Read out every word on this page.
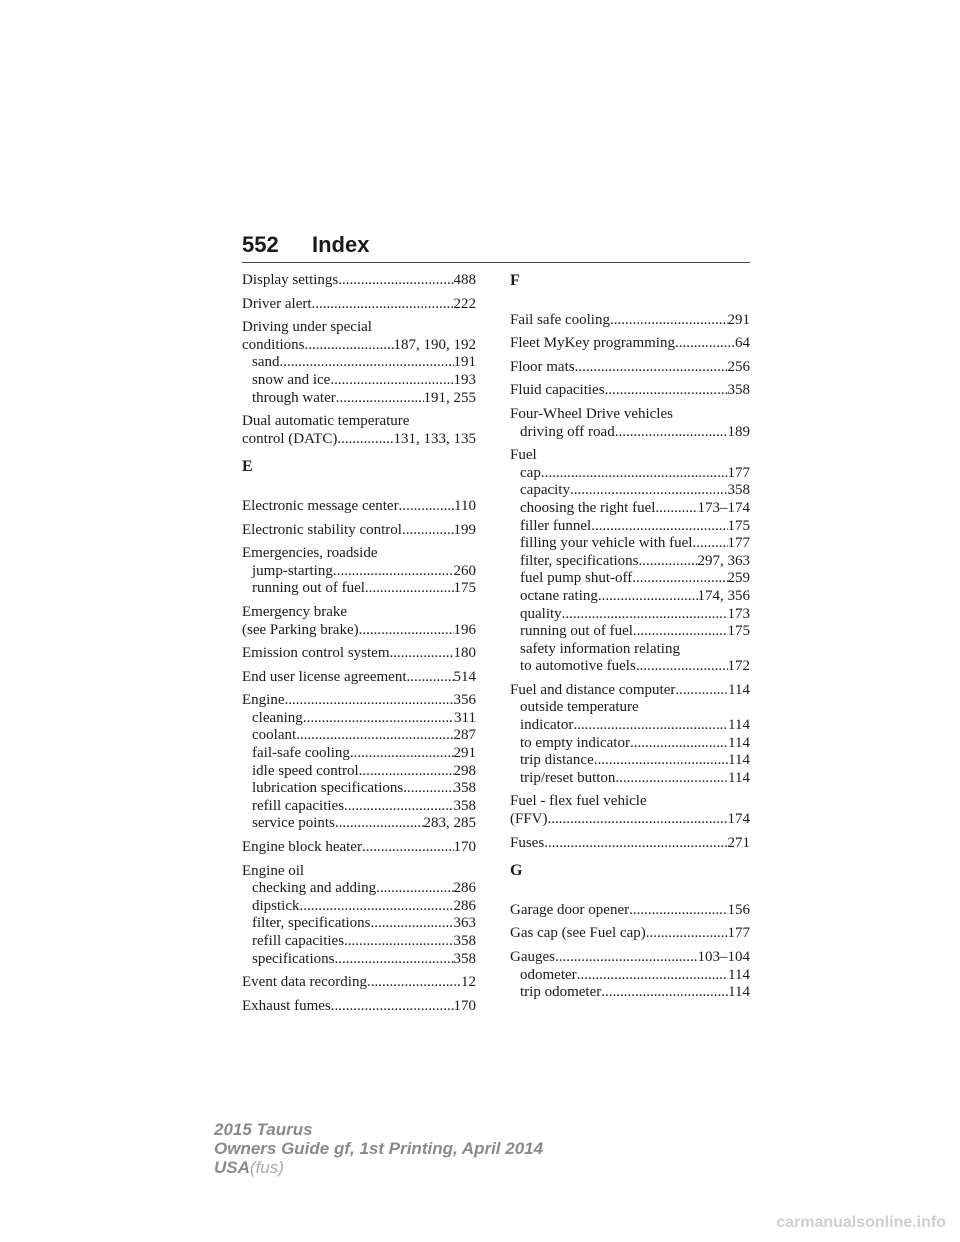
552 Index
Display settings .....	488
Driver alert .....	222
Driving under special
conditions .....	187, 190, 192
sand .....	191
snow and ice .....	193
through water .....	191, 255
Dual automatic temperature
control (DATC) .....	131, 133, 135
E
Electronic message center .....	110
Electronic stability control .....	199
Emergencies, roadside
jump-starting .....	260
running out of fuel .....	175
Emergency brake
(see Parking brake) .....	196
Emission control system .....	180
End user license agreement .....	514
Engine .....	356
cleaning .....	311
coolant .....	287
fail-safe cooling .....	291
idle speed control .....	298
lubrication specifications .....	358
refill capacities .....	358
service points .....	283, 285
Engine block heater .....	170
Engine oil
checking and adding .....	286
dipstick .....	286
filter, specifications .....	363
refill capacities .....	358
specifications .....	358
Event data recording .....	12
Exhaust fumes .....	170
F
Fail safe cooling .....	291
Fleet MyKey programming .....	64
Floor mats .....	256
Fluid capacities .....	358
Four-Wheel Drive vehicles
driving off road .....	189
Fuel
cap .....	177
capacity .....	358
choosing the right fuel .....	173–174
filler funnel .....	175
filling your vehicle with fuel ..... 177
filter, specifications .....	297, 363
fuel pump shut-off .....	259
octane rating .....	174, 356
quality .....	173
running out of fuel .....	175
safety information relating
to automotive fuels .....	172
Fuel and distance computer .....	114
outside temperature
indicator .....	114
to empty indicator .....	114
trip distance .....	114
trip/reset button .....	114
Fuel - flex fuel vehicle
(FFV) .....	174
Fuses .....	271
G
Garage door opener .....	156
Gas cap (see Fuel cap) .....	177
Gauges .....	103–104
odometer .....	114
trip odometer .....	114
2015 Taurus
Owners Guide gf, 1st Printing, April 2014
USA(fus)
carmanualsonline.info
